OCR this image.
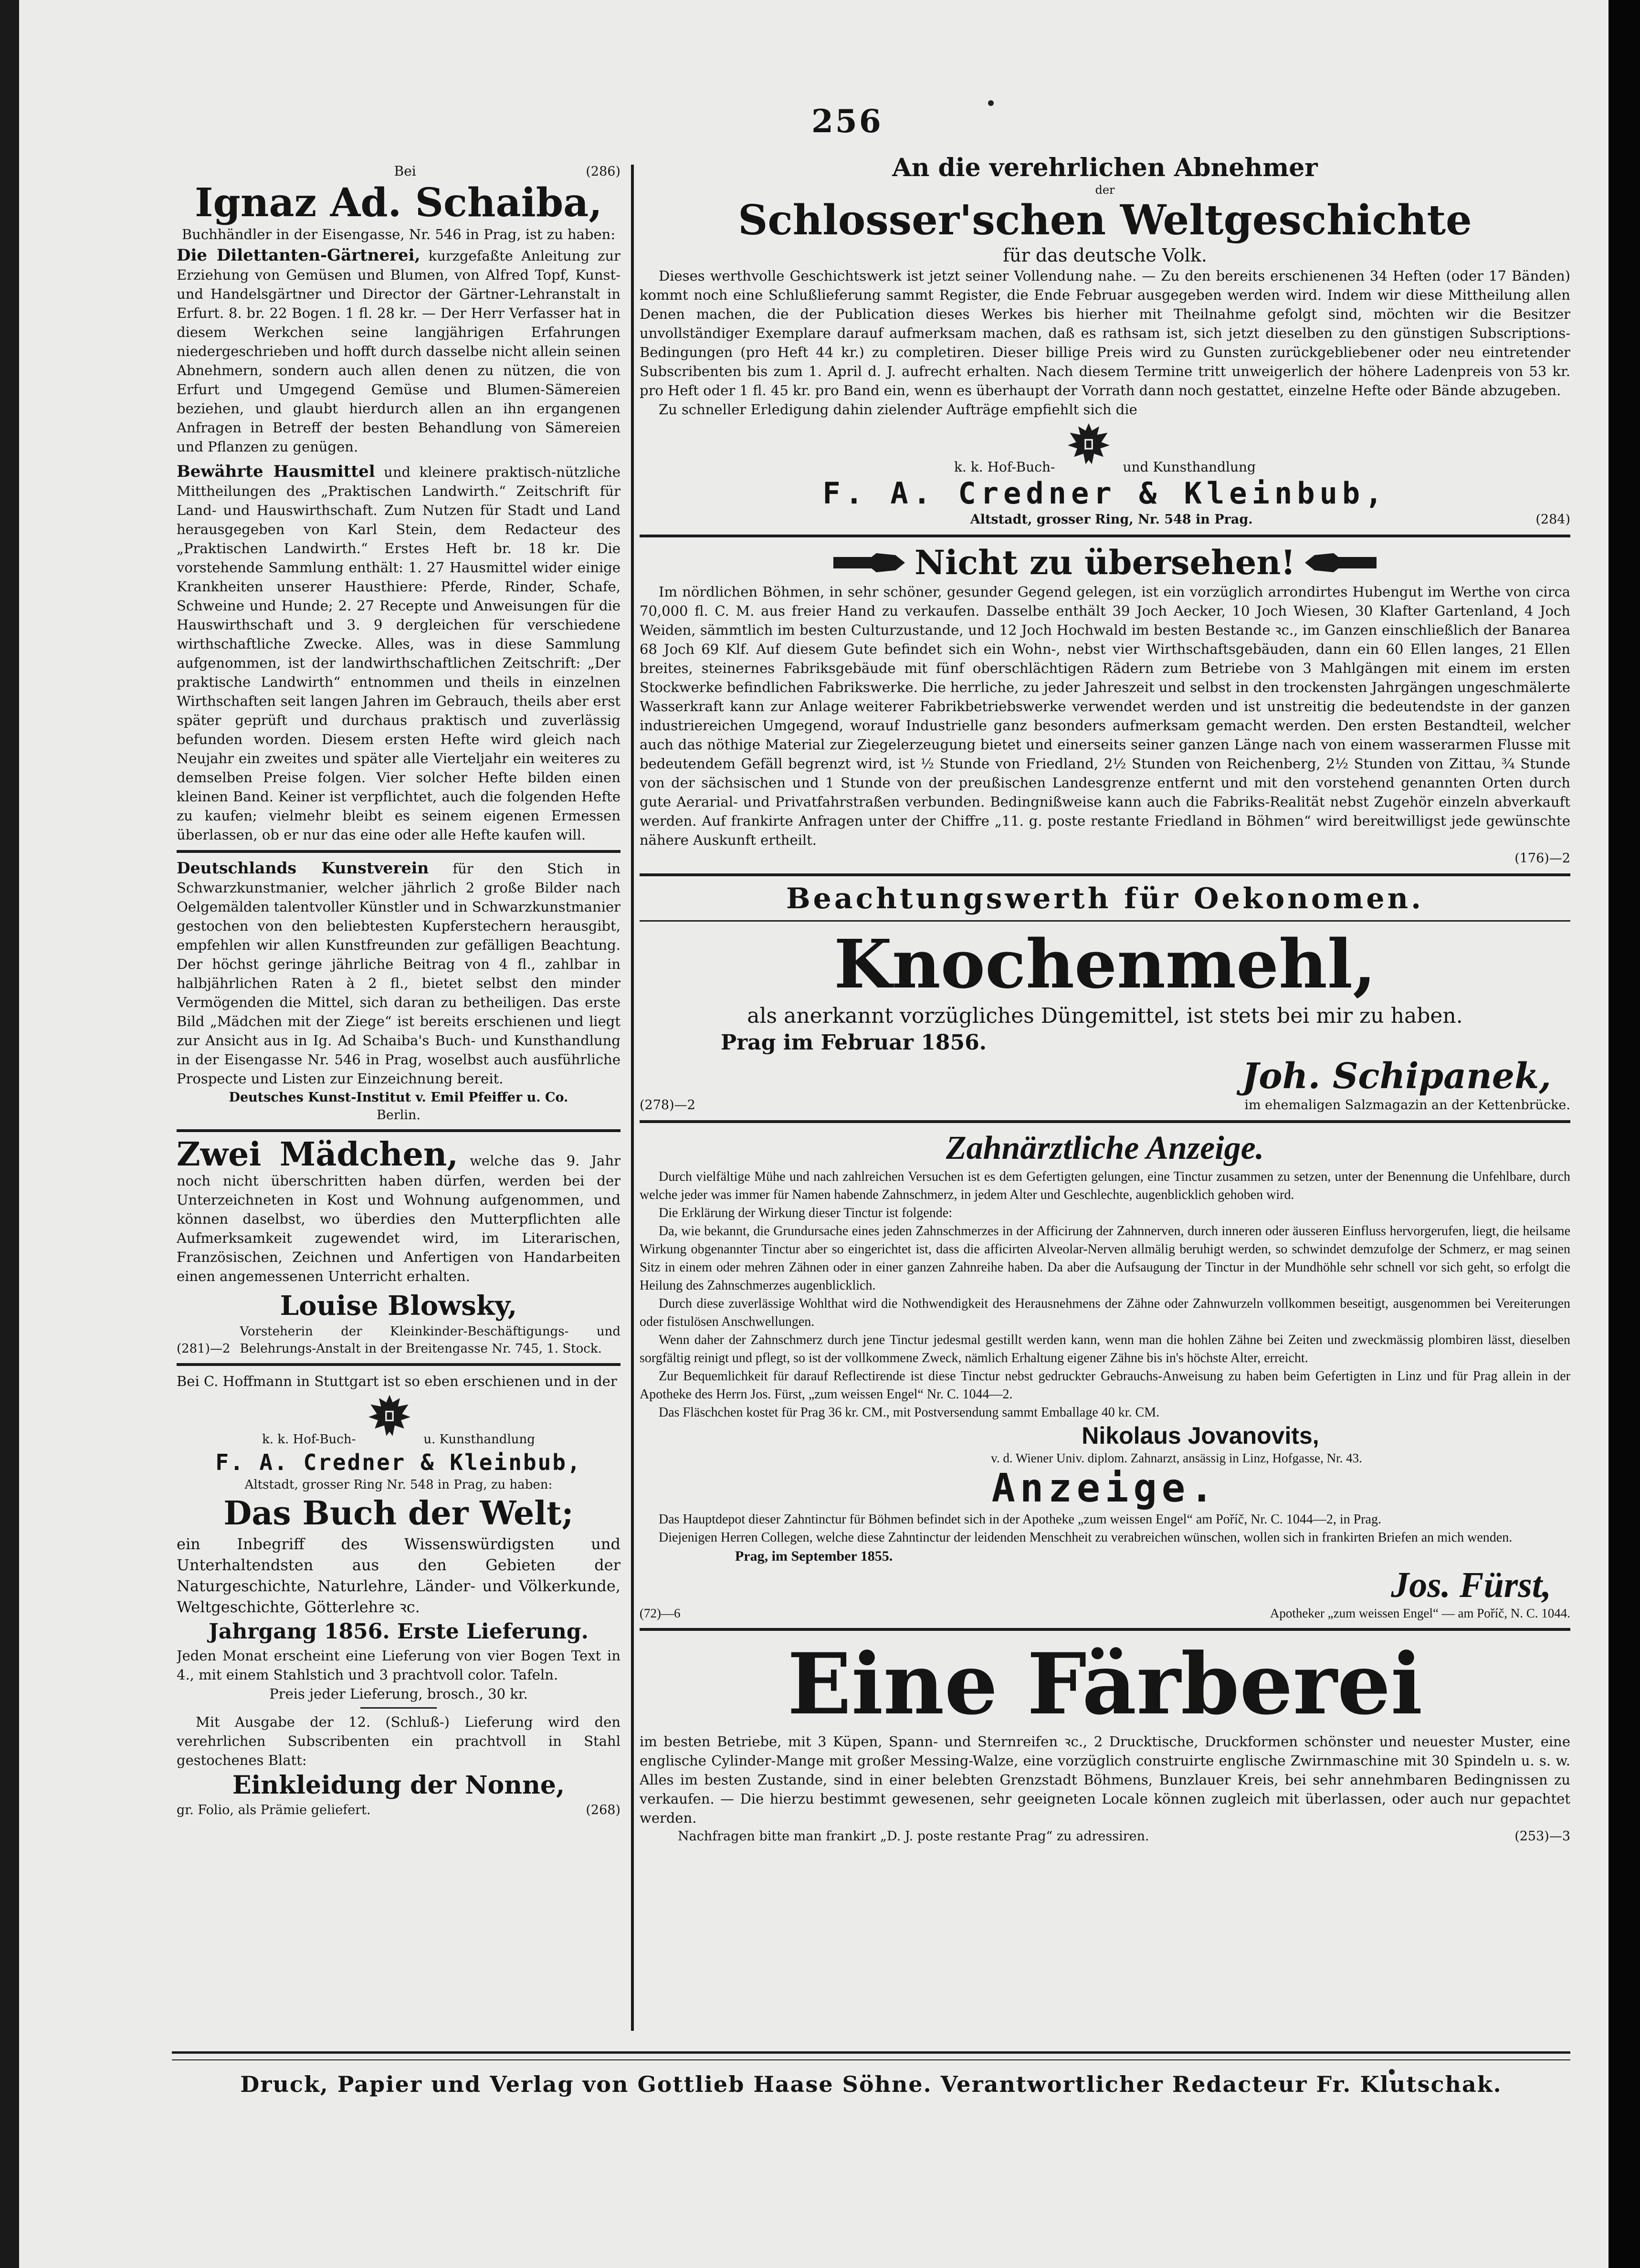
256
Bei	(286)

Ignaz Ad. Schaiba,

Buchhändler in der Eisengasse, Nr. 546 in Prag, ist zu haben:

Die Dilettanten-Gärtnerei, kurzgefaßte Anleitung zur Erziehung von Gemüsen und Blumen, von Alfred Topf, Kunst- und Handelsgärtner und Director der Gärtner-Lehranstalt in Erfurt. 8. br. 22 Bogen. 1 fl. 28 kr. — Der Herr Verfasser hat in diesem Werkchen seine langjährigen Erfahrungen niedergeschrieben und hofft durch dasselbe nicht allein seinen Abnehmern, sondern auch allen denen zu nützen, die von Erfurt und Umgegend Gemüse und Blumen-Sämereien beziehen, und glaubt hierdurch allen an ihn ergangenen Anfragen in Betreff der besten Behandlung von Sämereien und Pflanzen zu genügen.

Bewährte Hausmittel und kleinere praktisch-nützliche Mittheilungen des „Praktischen Landwirth.“ Zeitschrift für Land- und Hauswirthschaft. Zum Nutzen für Stadt und Land herausgegeben von Karl Stein, dem Redacteur des „Praktischen Landwirth.“ Erstes Heft br. 18 kr. Die vorstehende Sammlung enthält: 1. 27 Hausmittel wider einige Krankheiten unserer Hausthiere: Pferde, Rinder, Schafe, Schweine und Hunde; 2. 27 Recepte und Anweisungen für die Hauswirthschaft und 3. 9 dergleichen für verschiedene wirthschaftliche Zwecke. Alles, was in diese Sammlung aufgenommen, ist der landwirthschaftlichen Zeitschrift: „Der praktische Landwirth“ entnommen und theils in einzelnen Wirthschaften seit langen Jahren im Gebrauch, theils aber erst später geprüft und durchaus praktisch und zuverlässig befunden worden. Diesem ersten Hefte wird gleich nach Neujahr ein zweites und später alle Vierteljahr ein weiteres zu demselben Preise folgen. Vier solcher Hefte bilden einen kleinen Band. Keiner ist verpflichtet, auch die folgenden Hefte zu kaufen; vielmehr bleibt es seinem eigenen Ermessen überlassen, ob er nur das eine oder alle Hefte kaufen will.

Deutschlands Kunstverein für den Stich in Schwarzkunstmanier, welcher jährlich 2 große Bilder nach Oelgemälden talentvoller Künstler und in Schwarzkunstmanier gestochen von den beliebtesten Kupferstechern herausgibt, empfehlen wir allen Kunstfreunden zur gefälligen Beachtung. Der höchst geringe jährliche Beitrag von 4 fl., zahlbar in halbjährlichen Raten à 2 fl., bietet selbst den minder Vermögenden die Mittel, sich daran zu betheiligen. Das erste Bild „Mädchen mit der Ziege“ ist bereits erschienen und liegt zur Ansicht aus in Ig. Ad Schaiba's Buch- und Kunsthandlung in der Eisengasse Nr. 546 in Prag, woselbst auch ausführliche Prospecte und Listen zur Einzeichnung bereit.

Deutsches Kunst-Institut v. Emil Pfeiffer u. Co.

Berlin.

Zwei Mädchen, welche das 9. Jahr noch nicht überschritten haben dürfen, werden bei der Unterzeichneten in Kost und Wohnung aufgenommen, und können daselbst, wo überdies den Mutterpflichten alle Aufmerksamkeit zugewendet wird, im Literarischen, Französischen, Zeichnen und Anfertigen von Handarbeiten einen angemessenen Unterricht erhalten.

Louise Blowsky,

(281)—2

Vorsteherin der Kleinkinder-Beschäftigungs- und Belehrungs-Anstalt in der Breitengasse Nr. 745, 1. Stock.

Bei C. Hoffmann in Stuttgart ist so eben erschienen und in der

k. k. Hof-Buch-	u. Kunsthandlung

F. A. Credner & Kleinbub,

Altstadt, grosser Ring Nr. 548 in Prag, zu haben:

Das Buch der Welt;

ein Inbegriff des Wissenswürdigsten und Unterhaltendsten aus den Gebieten der Naturgeschichte, Naturlehre, Länder- und Völkerkunde, Weltgeschichte, Götterlehre ꝛc.

Jahrgang 1856. Erste Lieferung.

Jeden Monat erscheint eine Lieferung von vier Bogen Text in 4., mit einem Stahlstich und 3 prachtvoll color. Tafeln.

Preis jeder Lieferung, brosch., 30 kr.

Mit Ausgabe der 12. (Schluß-) Lieferung wird den verehrlichen Subscribenten ein prachtvoll in Stahl gestochenes Blatt:

Einkleidung der Nonne,

gr. Folio, als Prämie geliefert.	(268)

An die verehrlichen Abnehmer

der

Schlosser'schen Weltgeschichte

für das deutsche Volk.

Dieses werthvolle Geschichtswerk ist jetzt seiner Vollendung nahe. — Zu den bereits erschienenen 34 Heften (oder 17 Bänden) kommt noch eine Schlußlieferung sammt Register, die Ende Februar ausgegeben werden wird. Indem wir diese Mittheilung allen Denen machen, die der Publication dieses Werkes bis hierher mit Theilnahme gefolgt sind, möchten wir die Besitzer unvollständiger Exemplare darauf aufmerksam machen, daß es rathsam ist, sich jetzt dieselben zu den günstigen Subscriptions-Bedingungen (pro Heft 44 kr.) zu completiren. Dieser billige Preis wird zu Gunsten zurückgebliebener oder neu eintretender Subscribenten bis zum 1. April d. J. aufrecht erhalten. Nach diesem Termine tritt unweigerlich der höhere Ladenpreis von 53 kr. pro Heft oder 1 fl. 45 kr. pro Band ein, wenn es überhaupt der Vorrath dann noch gestattet, einzelne Hefte oder Bände abzugeben.

Zu schneller Erledigung dahin zielender Aufträge empfiehlt sich die

k. k. Hof-Buch-	und Kunsthandlung

F. A. Credner & Kleinbub,

Altstadt, grosser Ring, Nr. 548 in Prag.	(284)

Nicht zu übersehen!

Im nördlichen Böhmen, in sehr schöner, gesunder Gegend gelegen, ist ein vorzüglich arrondirtes Hubengut im Werthe von circa 70,000 fl. C. M. aus freier Hand zu verkaufen. Dasselbe enthält 39 Joch Aecker, 10 Joch Wiesen, 30 Klafter Gartenland, 4 Joch Weiden, sämmtlich im besten Culturzustande, und 12 Joch Hochwald im besten Bestande ꝛc., im Ganzen einschließlich der Banarea 68 Joch 69 Klf. Auf diesem Gute befindet sich ein Wohn-, nebst vier Wirthschaftsgebäuden, dann ein 60 Ellen langes, 21 Ellen breites, steinernes Fabriksgebäude mit fünf oberschlächtigen Rädern zum Betriebe von 3 Mahlgängen mit einem im ersten Stockwerke befindlichen Fabrikswerke. Die herrliche, zu jeder Jahreszeit und selbst in den trockensten Jahrgängen ungeschmälerte Wasserkraft kann zur Anlage weiterer Fabrikbetriebswerke verwendet werden und ist unstreitig die bedeutendste in der ganzen industriereichen Umgegend, worauf Industrielle ganz besonders aufmerksam gemacht werden. Den ersten Bestandteil, welcher auch das nöthige Material zur Ziegelerzeugung bietet und einerseits seiner ganzen Länge nach von einem wasserarmen Flusse mit bedeutendem Gefäll begrenzt wird, ist ½ Stunde von Friedland, 2½ Stunden von Reichenberg, 2½ Stunden von Zittau, ¾ Stunde von der sächsischen und 1 Stunde von der preußischen Landesgrenze entfernt und mit den vorstehend genannten Orten durch gute Aerarial- und Privatfahrstraßen verbunden. Bedingnißweise kann auch die Fabriks-Realität nebst Zugehör einzeln abverkauft werden. Auf frankirte Anfragen unter der Chiffre „11. g. poste restante Friedland in Böhmen“ wird bereitwilligst jede gewünschte nähere Auskunft ertheilt.

(176)—2

Beachtungswerth für Oekonomen.

Knochenmehl,

als anerkannt vorzügliches Düngemittel, ist stets bei mir zu haben.

Prag im Februar 1856.

Joh. Schipanek,

(278)—2	im ehemaligen Salzmagazin an der Kettenbrücke.

Zahnärztliche Anzeige.

Durch vielfältige Mühe und nach zahlreichen Versuchen ist es dem Gefertigten gelungen, eine Tinctur zusammen zu setzen, unter der Benennung die Unfehlbare, durch welche jeder was immer für Namen habende Zahnschmerz, in jedem Alter und Geschlechte, augenblicklich gehoben wird.

Die Erklärung der Wirkung dieser Tinctur ist folgende:

Da, wie bekannt, die Grundursache eines jeden Zahnschmerzes in der Afficirung der Zahnnerven, durch inneren oder äusseren Einfluss hervorgerufen, liegt, die heilsame Wirkung obgenannter Tinctur aber so eingerichtet ist, dass die afficirten Alveolar-Nerven allmälig beruhigt werden, so schwindet demzufolge der Schmerz, er mag seinen Sitz in einem oder mehren Zähnen oder in einer ganzen Zahnreihe haben. Da aber die Aufsaugung der Tinctur in der Mundhöhle sehr schnell vor sich geht, so erfolgt die Heilung des Zahnschmerzes augenblicklich.

Durch diese zuverlässige Wohlthat wird die Nothwendigkeit des Herausnehmens der Zähne oder Zahnwurzeln vollkommen beseitigt, ausgenommen bei Vereiterungen oder fistulösen Anschwellungen.

Wenn daher der Zahnschmerz durch jene Tinctur jedesmal gestillt werden kann, wenn man die hohlen Zähne bei Zeiten und zweckmässig plombiren lässt, dieselben sorgfältig reinigt und pflegt, so ist der vollkommene Zweck, nämlich Erhaltung eigener Zähne bis in's höchste Alter, erreicht.

Zur Bequemlichkeit für darauf Reflectirende ist diese Tinctur nebst gedruckter Gebrauchs-Anweisung zu haben beim Gefertigten in Linz und für Prag allein in der Apotheke des Herrn Jos. Fürst, „zum weissen Engel“ Nr. C. 1044—2.

Das Fläschchen kostet für Prag 36 kr. CM., mit Postversendung sammt Emballage 40 kr. CM.

Nikolaus Jovanovits,

v. d. Wiener Univ. diplom. Zahnarzt, ansässig in Linz, Hofgasse, Nr. 43.

Anzeige.

Das Hauptdepot dieser Zahntinctur für Böhmen befindet sich in der Apotheke „zum weissen Engel“ am Poříč, Nr. C. 1044—2, in Prag.

Diejenigen Herren Collegen, welche diese Zahntinctur der leidenden Menschheit zu verabreichen wünschen, wollen sich in frankirten Briefen an mich wenden.

Prag, im September 1855.

Jos. Fürst,

(72)—6	Apotheker „zum weissen Engel“ — am Poříč, N. C. 1044.

Eine Färberei

im besten Betriebe, mit 3 Küpen, Spann- und Sternreifen ꝛc., 2 Drucktische, Druckformen schönster und neuester Muster, eine englische Cylinder-Mange mit großer Messing-Walze, eine vorzüglich construirte englische Zwirnmaschine mit 30 Spindeln u. s. w. Alles im besten Zustande, sind in einer belebten Grenzstadt Böhmens, Bunzlauer Kreis, bei sehr annehmbaren Bedingnissen zu verkaufen. — Die hierzu bestimmt gewesenen, sehr geeigneten Locale können zugleich mit überlassen, oder auch nur gepachtet werden.

Nachfragen bitte man frankirt „D. J. poste restante Prag“ zu adressiren.	(253)—3
Druck, Papier und Verlag von Gottlieb Haase Söhne. Verantwortlicher Redacteur Fr. Klutschak.
